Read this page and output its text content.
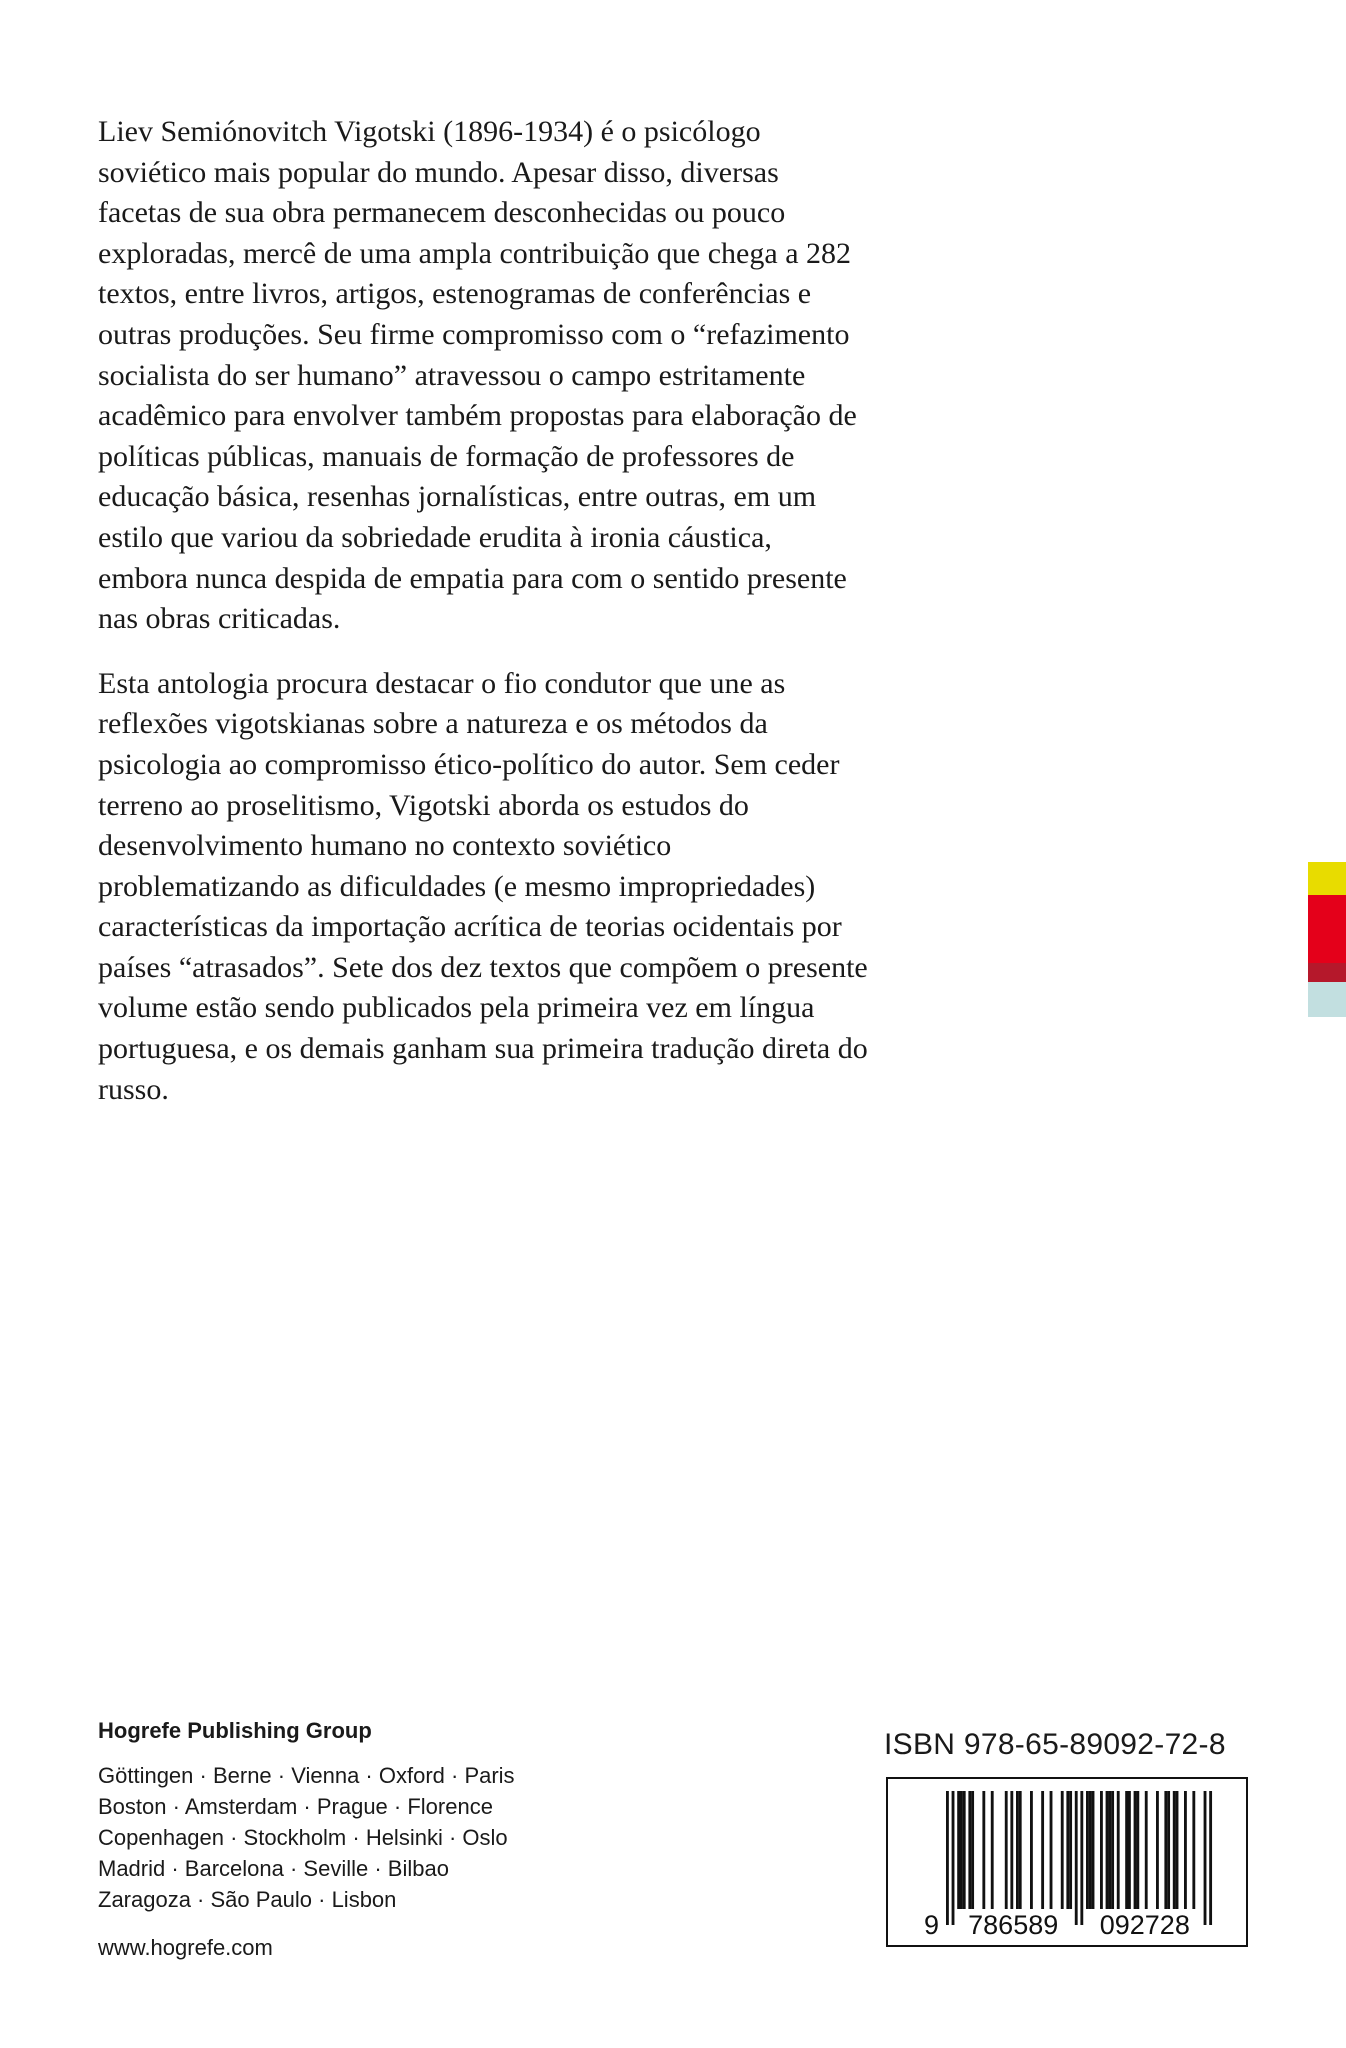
Liev Semiónovitch Vigotski (1896-1934) é o psicólogo soviético mais popular do mundo. Apesar disso, diversas facetas de sua obra permanecem desconhecidas ou pouco exploradas, mercê de uma ampla contribuição que chega a 282 textos, entre livros, artigos, estenogramas de conferências e outras produções. Seu firme compromisso com o “refazimento socialista do ser humano” atravessou o campo estritamente acadêmico para envolver também propostas para elaboração de políticas públicas, manuais de formação de professores de educação básica, resenhas jornalísticas, entre outras, em um estilo que variou da sobriedade erudita à ironia cáustica, embora nunca despida de empatia para com o sentido presente nas obras criticadas.

Esta antologia procura destacar o fio condutor que une as reflexões vigotskianas sobre a natureza e os métodos da psicologia ao compromisso ético-político do autor. Sem ceder terreno ao proselitismo, Vigotski aborda os estudos do desenvolvimento humano no contexto soviético problematizando as dificuldades (e mesmo impropriedades) características da importação acrítica de teorias ocidentais por países “atrasados”. Sete dos dez textos que compõem o presente volume estão sendo publicados pela primeira vez em língua portuguesa, e os demais ganham sua primeira tradução direta do russo.

Hogrefe Publishing Group
Göttingen · Berne · Vienna · Oxford · Paris
Boston · Amsterdam · Prague · Florence
Copenhagen · Stockholm · Helsinki · Oslo
Madrid · Barcelona · Seville · Bilbao
Zaragoza · São Paulo · Lisbon
www.hogrefe.com
ISBN 978-65-89092-72-8
9 786589 092728
